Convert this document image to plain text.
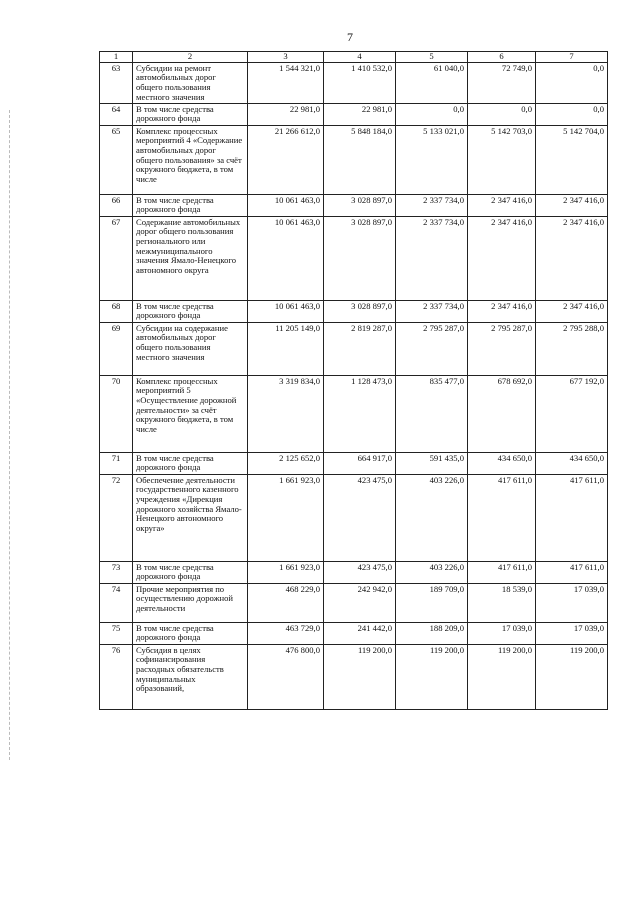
7
1	2	3	4	5	6	7
63	Субсидии на ремонт автомобильных дорог общего пользования местного значения	1 544 321,0	1 410 532,0	61 040,0	72 749,0	0,0
64	В том числе средства дорожного фонда	22 981,0	22 981,0	0,0	0,0	0,0
65	Комплекс процессных мероприятий 4 «Содержание автомобильных дорог общего пользования» за счёт окружного бюджета, в том числе	21 266 612,0	5 848 184,0	5 133 021,0	5 142 703,0	5 142 704,0
66	В том числе средства дорожного фонда	10 061 463,0	3 028 897,0	2 337 734,0	2 347 416,0	2 347 416,0
67	Содержание автомобильных дорог общего пользования регионального или межмуниципального значения Ямало-Ненецкого автономного округа	10 061 463,0	3 028 897,0	2 337 734,0	2 347 416,0	2 347 416,0
68	В том числе средства дорожного фонда	10 061 463,0	3 028 897,0	2 337 734,0	2 347 416,0	2 347 416,0
69	Субсидии на содержание автомобильных дорог общего пользования местного значения	11 205 149,0	2 819 287,0	2 795 287,0	2 795 287,0	2 795 288,0
70	Комплекс процессных мероприятий 5 «Осуществление дорожной деятельности» за счёт окружного бюджета, в том числе	3 319 834,0	1 128 473,0	835 477,0	678 692,0	677 192,0
71	В том числе средства дорожного фонда	2 125 652,0	664 917,0	591 435,0	434 650,0	434 650,0
72	Обеспечение деятельности государственного казенного учреждения «Дирекция дорожного хозяйства Ямало-Ненецкого автономного округа»	1 661 923,0	423 475,0	403 226,0	417 611,0	417 611,0
73	В том числе средства дорожного фонда	1 661 923,0	423 475,0	403 226,0	417 611,0	417 611,0
74	Прочие мероприятия по осуществлению дорожной деятельности	468 229,0	242 942,0	189 709,0	18 539,0	17 039,0
75	В том числе средства дорожного фонда	463 729,0	241 442,0	188 209,0	17 039,0	17 039,0
76	Субсидия в целях софинансирования расходных обязательств муниципальных образований,	476 800,0	119 200,0	119 200,0	119 200,0	119 200,0
